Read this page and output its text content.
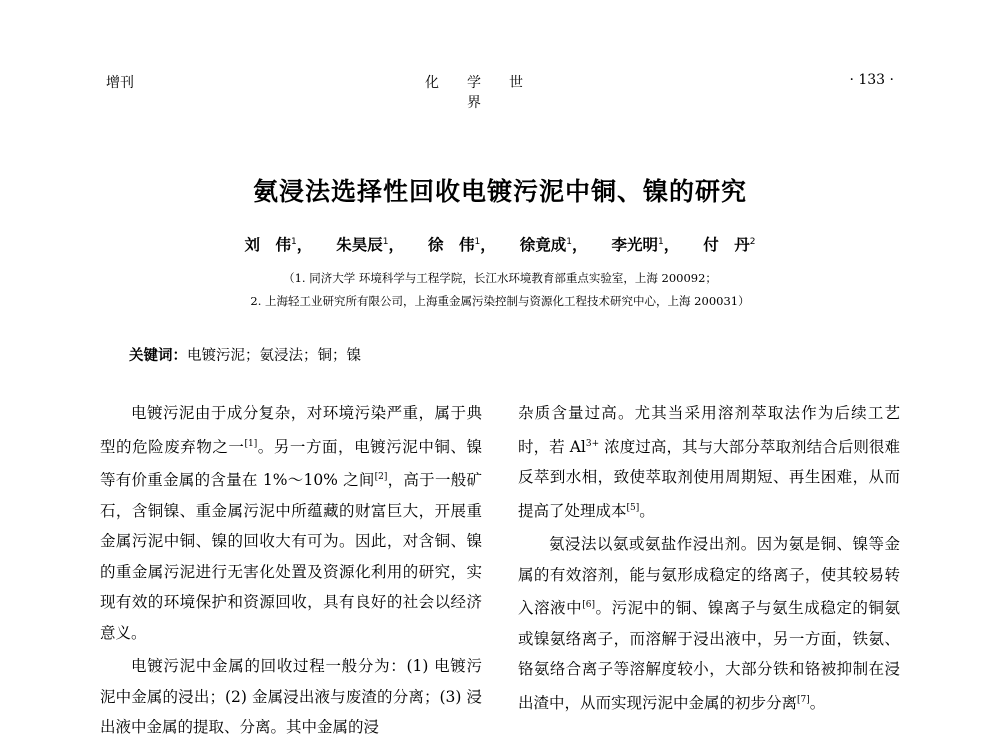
增刊	化学世界
· 133 ·
氨浸法选择性回收电镀污泥中铜、镍的研究
刘　伟$^1$， 朱昊辰$^1$， 徐　伟$^1$， 徐竟成$^1$， 李光明$^1$， 付　丹$^2$
（1. 同济大学 环境科学与工程学院，长江水环境教育部重点实验室，上海 200092；
2. 上海轻工业研究所有限公司，上海重金属污染控制与资源化工程技术研究中心，上海 200031）
关键词：电镀污泥；氨浸法；铜；镍

电镀污泥由于成分复杂，对环境污染严重，属于典型的危险废弃物之一[1]。另一方面，电镀污泥中铜、镍等有价重金属的含量在 1%～10% 之间[2]，高于一般矿石，含铜镍、重金属污泥中所蕴藏的财富巨大，开展重金属污泥中铜、镍的回收大有可为。因此，对含铜、镍的重金属污泥进行无害化处置及资源化利用的研究，实现有效的环境保护和资源回收，具有良好的社会以经济意义。

电镀污泥中金属的回收过程一般分为：(1) 电镀污泥中金属的浸出；(2) 金属浸出液与废渣的分离；(3) 浸出液中金属的提取、分离。其中金属的浸

杂质含量过高。尤其当采用溶剂萃取法作为后续工艺时，若 $Al^{3+}$ 浓度过高，其与大部分萃取剂结合后则很难反萃到水相，致使萃取剂使用周期短、再生困难，从而提高了处理成本[5]。

氨浸法以氨或氨盐作浸出剂。因为氨是铜、镍等金属的有效溶剂，能与氨形成稳定的络离子，使其较易转入溶液中[6]。污泥中的铜、镍离子与氨生成稳定的铜氨或镍氨络离子，而溶解于浸出液中，另一方面，铁氨、铬氨络合离子等溶解度较小，大部分铁和铬被抑制在浸出渣中，从而实现污泥中金属的初步分离[7]。
